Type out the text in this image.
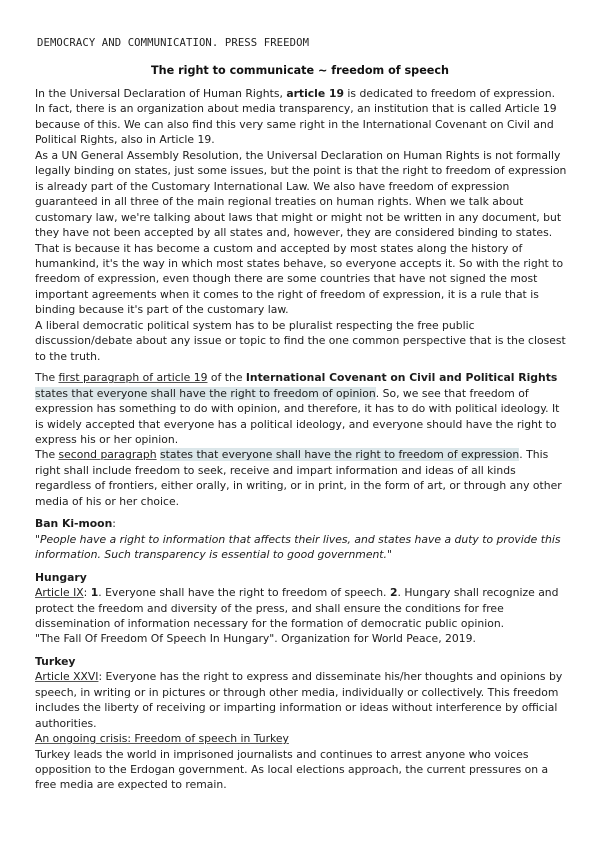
DEMOCRACY AND COMMUNICATION. PRESS FREEDOM
The right to communicate ~ freedom of speech

In the Universal Declaration of Human Rights, article 19 is dedicated to freedom of expression. In fact, there is an organization about media transparency, an institution that is called Article 19 because of this. We can also find this very same right in the International Covenant on Civil and Political Rights, also in Article 19.

As a UN General Assembly Resolution, the Universal Declaration on Human Rights is not formally legally binding on states, just some issues, but the point is that the right to freedom of expression is already part of the Customary International Law. We also have freedom of expression guaranteed in all three of the main regional treaties on human rights. When we talk about customary law, we're talking about laws that might or might not be written in any document, but they have not been accepted by all states and, however, they are considered binding to states. That is because it has become a custom and accepted by most states along the history of humankind, it's the way in which most states behave, so everyone accepts it. So with the right to freedom of expression, even though there are some countries that have not signed the most important agreements when it comes to the right of freedom of expression, it is a rule that is binding because it's part of the customary law.

A liberal democratic political system has to be pluralist respecting the free public discussion/debate about any issue or topic to find the one common perspective that is the closest to the truth.

The first paragraph of article 19 of the International Covenant on Civil and Political Rights states that everyone shall have the right to freedom of opinion. So, we see that freedom of expression has something to do with opinion, and therefore, it has to do with political ideology. It is widely accepted that everyone has a political ideology, and everyone should have the right to express his or her opinion.

The second paragraph states that everyone shall have the right to freedom of expression. This right shall include freedom to seek, receive and impart information and ideas of all kinds regardless of frontiers, either orally, in writing, or in print, in the form of art, or through any other media of his or her choice.

Ban Ki-moon:

"People have a right to information that affects their lives, and states have a duty to provide this information. Such transparency is essential to good government."

Hungary

Article IX: 1. Everyone shall have the right to freedom of speech. 2. Hungary shall recognize and protect the freedom and diversity of the press, and shall ensure the conditions for free dissemination of information necessary for the formation of democratic public opinion.

"The Fall Of Freedom Of Speech In Hungary". Organization for World Peace, 2019.

Turkey

Article XXVI: Everyone has the right to express and disseminate his/her thoughts and opinions by speech, in writing or in pictures or through other media, individually or collectively. This freedom includes the liberty of receiving or imparting information or ideas without interference by official authorities.

An ongoing crisis: Freedom of speech in Turkey

Turkey leads the world in imprisoned journalists and continues to arrest anyone who voices opposition to the Erdogan government. As local elections approach, the current pressures on a free media are expected to remain.
